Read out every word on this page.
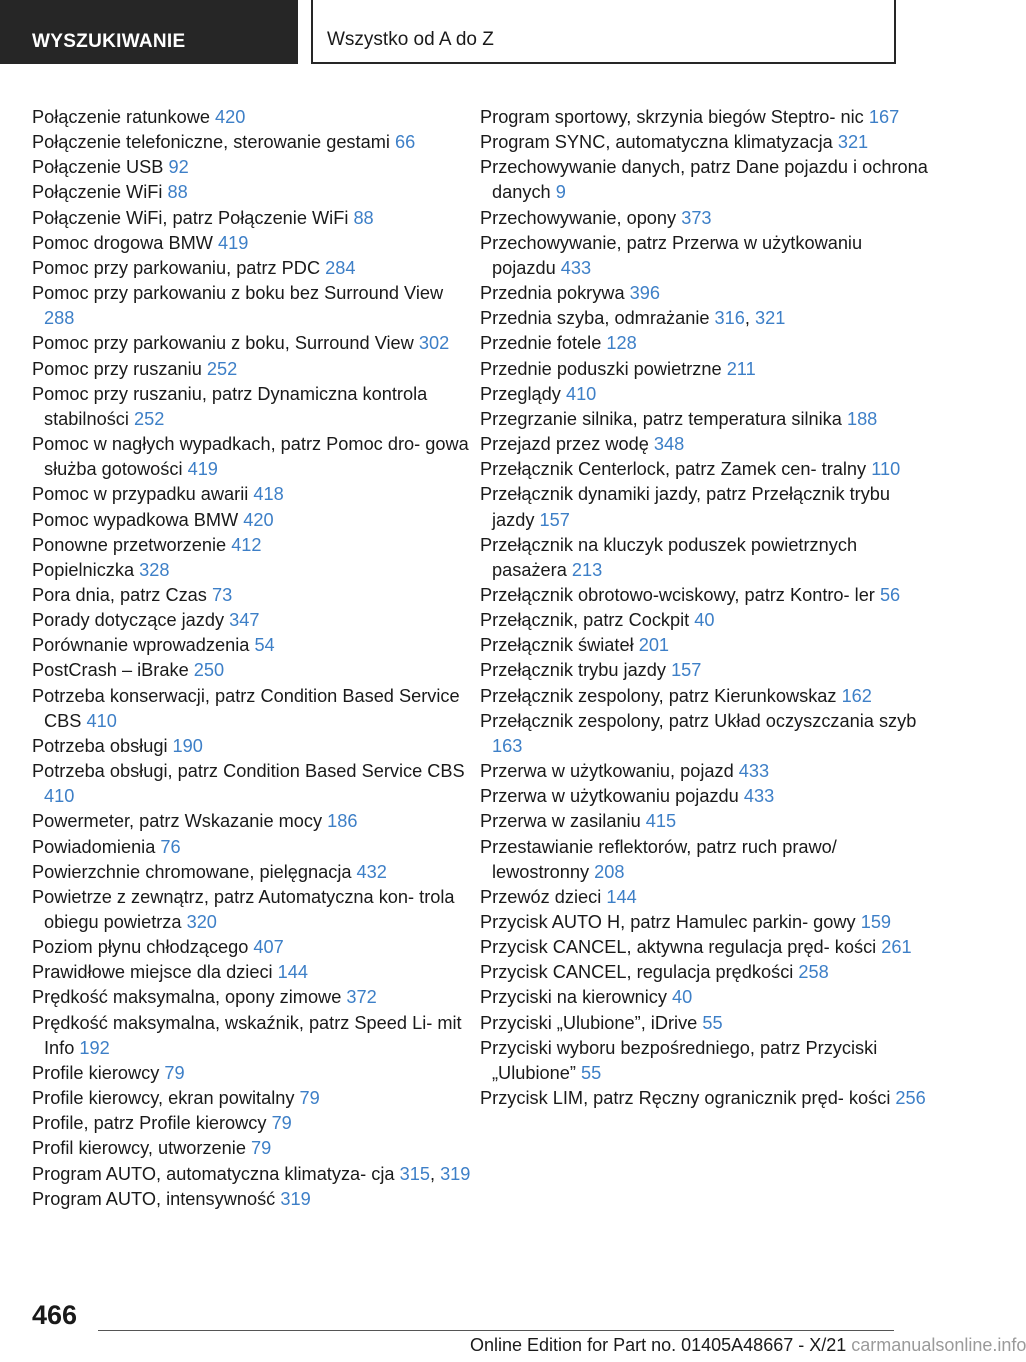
WYSZUKIWANIE	Wszystko od A do Z
Połączenie ratunkowe 420
Połączenie telefoniczne, sterowanie gestami 66
Połączenie USB 92
Połączenie WiFi 88
Połączenie WiFi, patrz Połączenie WiFi 88
Pomoc drogowa BMW 419
Pomoc przy parkowaniu, patrz PDC 284
Pomoc przy parkowaniu z boku bez Surround View 288
Pomoc przy parkowaniu z boku, Surround View 302
Pomoc przy ruszaniu 252
Pomoc przy ruszaniu, patrz Dynamiczna kontrola stabilności 252
Pomoc w nagłych wypadkach, patrz Pomoc dro‐ gowa służba gotowości 419
Pomoc w przypadku awarii 418
Pomoc wypadkowa BMW 420
Ponowne przetworzenie 412
Popielniczka 328
Pora dnia, patrz Czas 73
Porady dotyczące jazdy 347
Porównanie wprowadzenia 54
PostCrash – iBrake 250
Potrzeba konserwacji, patrz Condition Based Service CBS 410
Potrzeba obsługi 190
Potrzeba obsługi, patrz Condition Based Service CBS 410
Powermeter, patrz Wskazanie mocy 186
Powiadomienia 76
Powierzchnie chromowane, pielęgnacja 432
Powietrze z zewnątrz, patrz Automatyczna kon‐ trola obiegu powietrza 320
Poziom płynu chłodzącego 407
Prawidłowe miejsce dla dzieci 144
Prędkość maksymalna, opony zimowe 372
Prędkość maksymalna, wskaźnik, patrz Speed Li‐ mit Info 192
Profile kierowcy 79
Profile kierowcy, ekran powitalny 79
Profile, patrz Profile kierowcy 79
Profil kierowcy, utworzenie 79
Program AUTO, automatyczna klimatyza‐ cja 315, 319
Program AUTO, intensywność 319
Program sportowy, skrzynia biegów Steptro‐ nic 167
Program SYNC, automatyczna klimatyzacja 321
Przechowywanie danych, patrz Dane pojazdu i ochrona danych 9
Przechowywanie, opony 373
Przechowywanie, patrz Przerwa w użytkowaniu pojazdu 433
Przednia pokrywa 396
Przednia szyba, odmrażanie 316, 321
Przednie fotele 128
Przednie poduszki powietrzne 211
Przeglądy 410
Przegrzanie silnika, patrz temperatura silnika 188
Przejazd przez wodę 348
Przełącznik Centerlock, patrz Zamek cen‐ tralny 110
Przełącznik dynamiki jazdy, patrz Przełącznik trybu jazdy 157
Przełącznik na kluczyk poduszek powietrznych pasażera 213
Przełącznik obrotowo-wciskowy, patrz Kontro‐ ler 56
Przełącznik, patrz Cockpit 40
Przełącznik świateł 201
Przełącznik trybu jazdy 157
Przełącznik zespolony, patrz Kierunkowskaz 162
Przełącznik zespolony, patrz Układ oczyszczania szyb 163
Przerwa w użytkowaniu, pojazd 433
Przerwa w użytkowaniu pojazdu 433
Przerwa w zasilaniu 415
Przestawianie reflektorów, patrz ruch prawo/ lewostronny 208
Przewóz dzieci 144
Przycisk AUTO H, patrz Hamulec parkin‐ gowy 159
Przycisk CANCEL, aktywna regulacja pręd‐ kości 261
Przycisk CANCEL, regulacja prędkości 258
Przyciski na kierownicy 40
Przyciski „Ulubione”, iDrive 55
Przyciski wyboru bezpośredniego, patrz Przyciski „Ulubione” 55
Przycisk LIM, patrz Ręczny ogranicznik pręd‐ kości 256
466
Online Edition for Part no. 01405A48667 - X/21 carmanualsonline.info
